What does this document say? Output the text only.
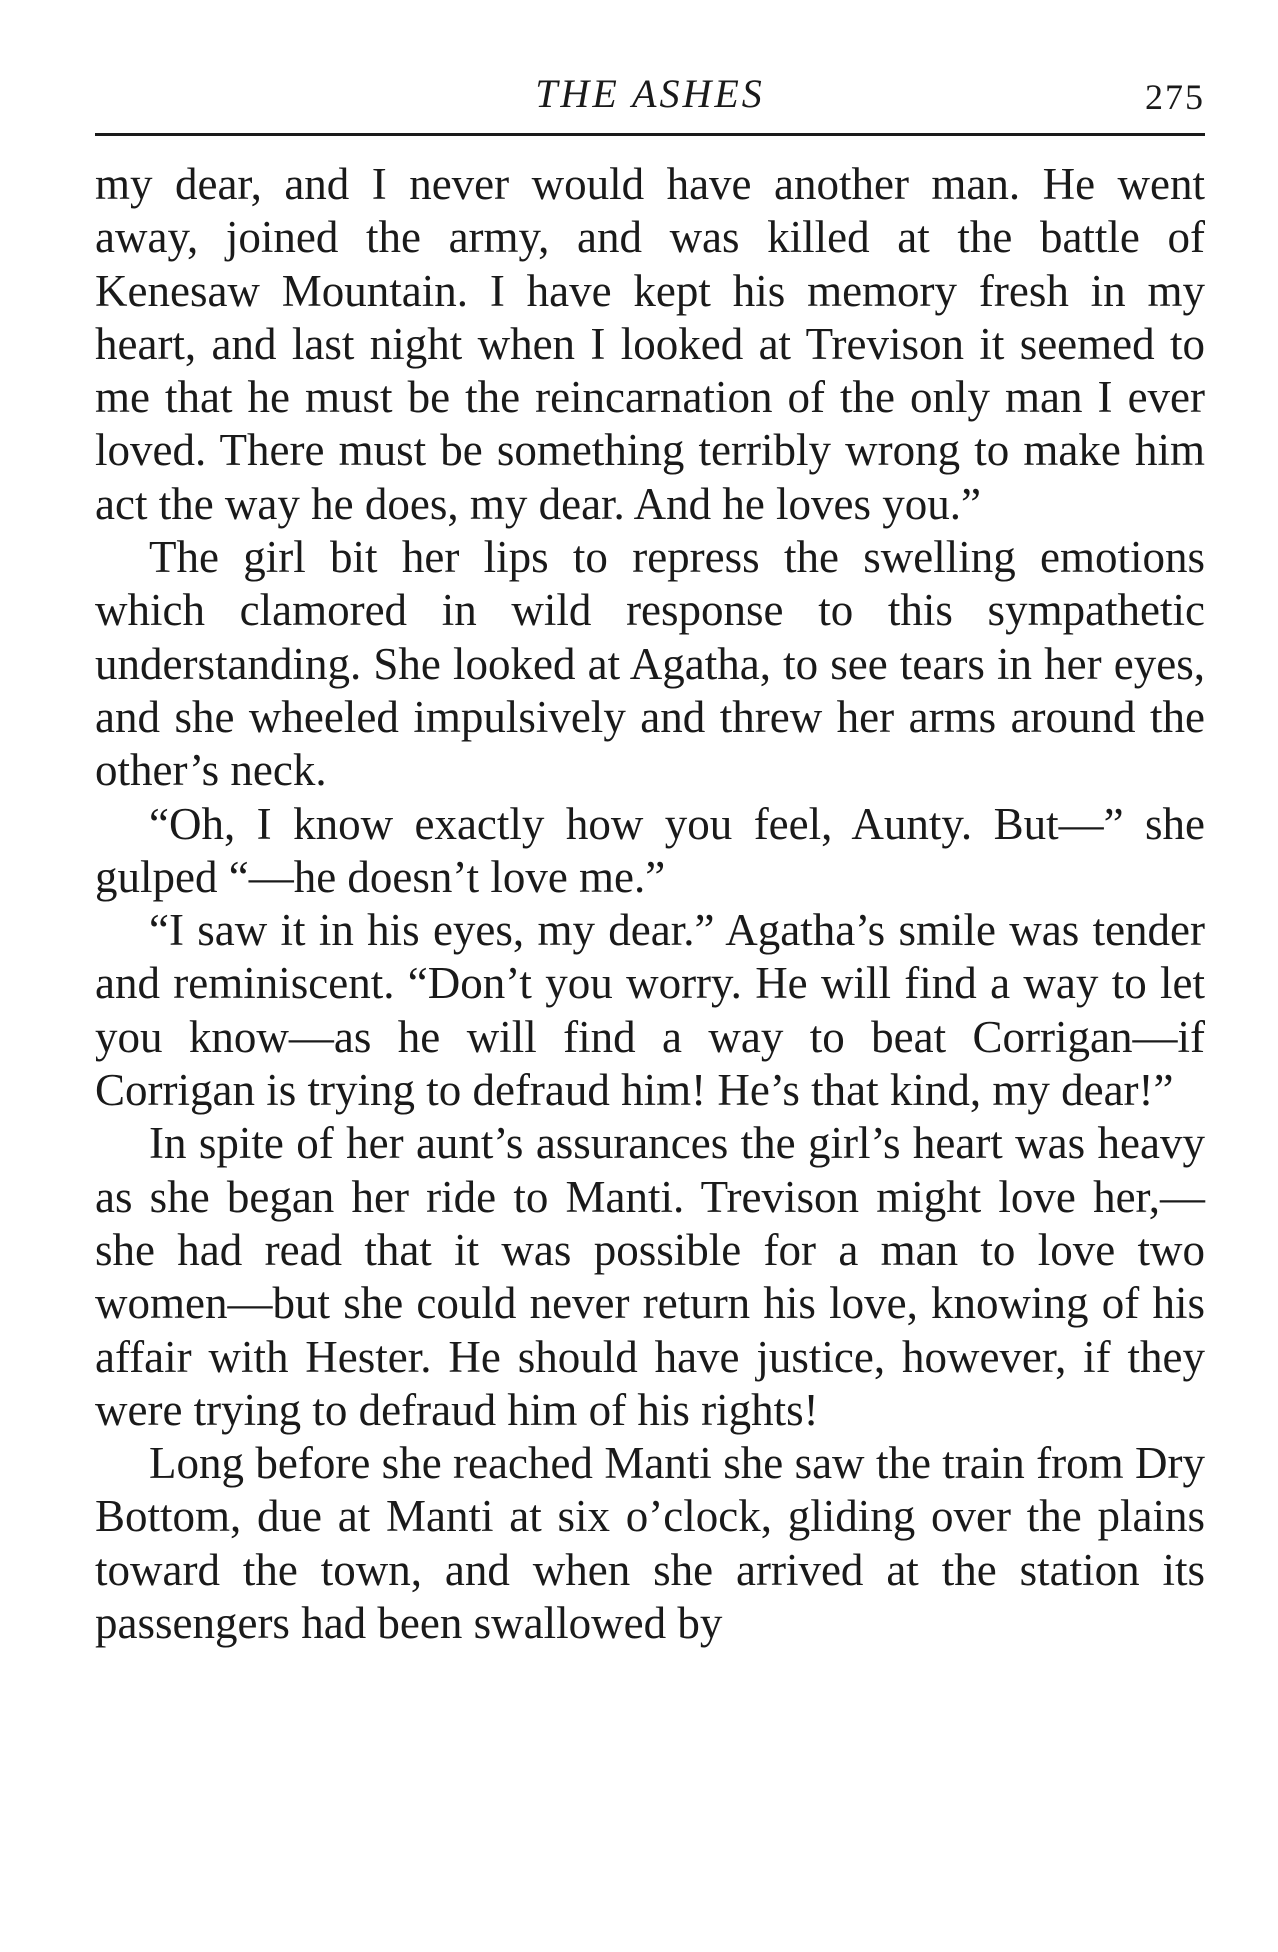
THE ASHES	275

my dear, and I never would have another man. He went away, joined the army, and was killed at the battle of Kenesaw Mountain. I have kept his memory fresh in my heart, and last night when I looked at Trevison it seemed to me that he must be the reincarnation of the only man I ever loved. There must be something terribly wrong to make him act the way he does, my dear. And he loves you.”

The girl bit her lips to repress the swelling emotions which clamored in wild response to this sympathetic understanding. She looked at Agatha, to see tears in her eyes, and she wheeled impulsively and threw her arms around the other’s neck.

“Oh, I know exactly how you feel, Aunty. But—” she gulped “—he doesn’t love me.”

“I saw it in his eyes, my dear.” Agatha’s smile was tender and reminiscent. “Don’t you worry. He will find a way to let you know—as he will find a way to beat Corrigan—if Corrigan is trying to defraud him! He’s that kind, my dear!”

In spite of her aunt’s assurances the girl’s heart was heavy as she began her ride to Manti. Trevison might love her,—she had read that it was possible for a man to love two women—but she could never return his love, knowing of his affair with Hester. He should have justice, however, if they were trying to defraud him of his rights!

Long before she reached Manti she saw the train from Dry Bottom, due at Manti at six o’clock, gliding over the plains toward the town, and when she arrived at the station its passengers had been swallowed by
